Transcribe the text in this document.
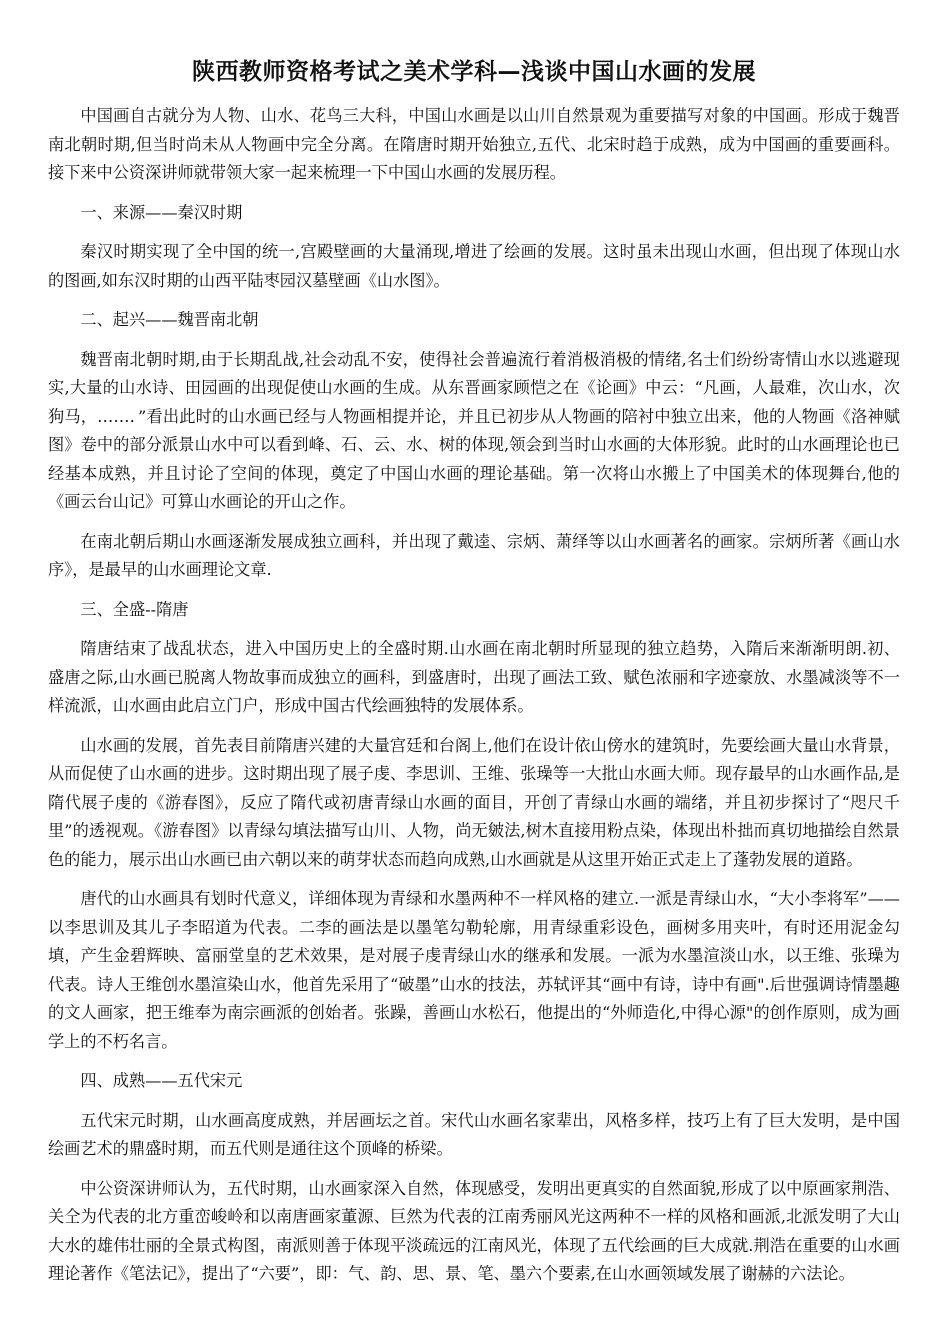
陕西教师资格考试之美术学科—浅谈中国山水画的发展

中国画自古就分为人物、山水、花鸟三大科，中国山水画是以山川自然景观为重要描写对象的中国画。形成于魏晋南北朝时期,但当时尚未从人物画中完全分离。在隋唐时期开始独立,五代、北宋时趋于成熟，成为中国画的重要画科。接下来中公资深讲师就带领大家一起来梳理一下中国山水画的发展历程。

一、来源——秦汉时期

秦汉时期实现了全中国的统一,宫殿壁画的大量涌现,增进了绘画的发展。这时虽未出现山水画，但出现了体现山水的图画,如东汉时期的山西平陆枣园汉墓壁画《山水图》。

二、起兴——魏晋南北朝

魏晋南北朝时期,由于长期乱战,社会动乱不安，使得社会普遍流行着消极消极的情绪,名士们纷纷寄情山水以逃避现实,大量的山水诗、田园画的出现促使山水画的生成。从东晋画家顾恺之在《论画》中云：“凡画，人最难，次山水，次狗马，……．”看出此时的山水画已经与人物画相提并论，并且已初步从人物画的陪衬中独立出来，他的人物画《洛神赋图》卷中的部分派景山水中可以看到峰、石、云、水、树的体现,领会到当时山水画的大体形貌。此时的山水画理论也已经基本成熟，并且讨论了空间的体现，奠定了中国山水画的理论基础。第一次将山水搬上了中国美术的体现舞台,他的《画云台山记》可算山水画论的开山之作。

在南北朝后期山水画逐渐发展成独立画科，并出现了戴逵、宗炳、萧绎等以山水画著名的画家。宗炳所著《画山水序》，是最早的山水画理论文章.

三、全盛--隋唐

隋唐结束了战乱状态，进入中国历史上的全盛时期.山水画在南北朝时所显现的独立趋势，入隋后来渐渐明朗.初、盛唐之际,山水画已脱离人物故事而成独立的画科，到盛唐时，出现了画法工致、赋色浓丽和字迹豪放、水墨减淡等不一样流派，山水画由此启立门户，形成中国古代绘画独特的发展体系。

山水画的发展，首先表目前隋唐兴建的大量宫廷和台阁上,他们在设计依山傍水的建筑时，先要绘画大量山水背景，从而促使了山水画的进步。这时期出现了展子虔、李思训、王维、张璪等一大批山水画大师。现存最早的山水画作品,是隋代展子虔的《游春图》，反应了隋代或初唐青绿山水画的面目，开创了青绿山水画的端绪，并且初步探讨了“咫尺千里”的透视观。《游春图》以青绿勾填法描写山川、人物，尚无皴法,树木直接用粉点染，体现出朴拙而真切地描绘自然景色的能力，展示出山水画已由六朝以来的萌芽状态而趋向成熟,山水画就是从这里开始正式走上了蓬勃发展的道路。

唐代的山水画具有划时代意义，详细体现为青绿和水墨两种不一样风格的建立.一派是青绿山水，“大小李将军”——以李思训及其儿子李昭道为代表。二李的画法是以墨笔勾勒轮廓，用青绿重彩设色，画树多用夹叶，有时还用泥金勾填，产生金碧辉映、富丽堂皇的艺术效果，是对展子虔青绿山水的继承和发展。一派为水墨渲淡山水，以王维、张璪为代表。诗人王维创水墨渲染山水，他首先采用了“破墨”山水的技法，苏轼评其“画中有诗，诗中有画".后世强调诗情墨趣的文人画家，把王维奉为南宗画派的创始者。张躁，善画山水松石，他提出的“外师造化,中得心源"的创作原则，成为画学上的不朽名言。

四、成熟——五代宋元

五代宋元时期，山水画高度成熟，并居画坛之首。宋代山水画名家辈出，风格多样，技巧上有了巨大发明，是中国绘画艺术的鼎盛时期，而五代则是通往这个顶峰的桥梁。

中公资深讲师认为，五代时期，山水画家深入自然，体现感受，发明出更真实的自然面貌,形成了以中原画家荆浩、关仝为代表的北方重峦峻岭和以南唐画家董源、巨然为代表的江南秀丽风光这两种不一样的风格和画派,北派发明了大山大水的雄伟壮丽的全景式构图，南派则善于体现平淡疏远的江南风光，体现了五代绘画的巨大成就.荆浩在重要的山水画理论著作《笔法记》，提出了“六要”，即：气、韵、思、景、笔、墨六个要素,在山水画领域发展了谢赫的六法论。
